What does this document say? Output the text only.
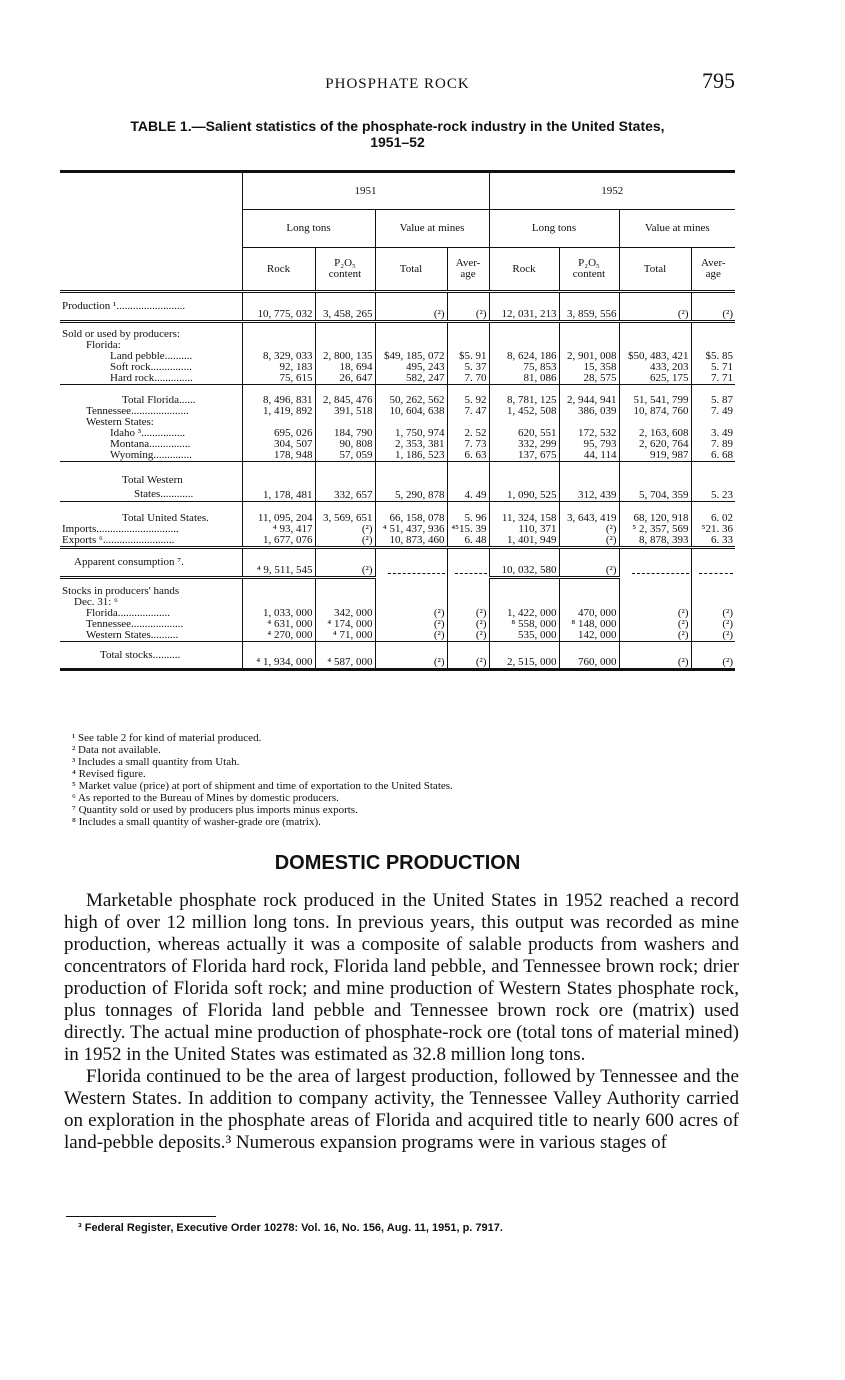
PHOSPHATE ROCK	795
TABLE 1.—Salient statistics of the phosphate-rock industry in the United States,
1951–52
	1951				1952			
	Long tons		Value at mines		Long tons		Value at mines	
	Rock	P₂O₅ content	Total	Aver- age	Rock	P₂O₅ content	Total	Aver- age
Production ¹.........................	10, 775, 032	3, 458, 265	(²)	(²)	12, 031, 213	3, 859, 556	(²)	(²)
Sold or used by producers:								
Florida:								
Land pebble..........	8, 329, 033	2, 800, 135	$49, 185, 072	$5. 91	8, 624, 186	2, 901, 008	$50, 483, 421	$5. 85
Soft rock...............	92, 183	18, 694	495, 243	5. 37	75, 853	15, 358	433, 203	5. 71
Hard rock..............	75, 615	26, 647	582, 247	7. 70	81, 086	28, 575	625, 175	7. 71
Total Florida......	8, 496, 831	2, 845, 476	50, 262, 562	5. 92	8, 781, 125	2, 944, 941	51, 541, 799	5. 87
Tennessee.....................	1, 419, 892	391, 518	10, 604, 638	7. 47	1, 452, 508	386, 039	10, 874, 760	7. 49
Western States:								
Idaho ³................	695, 026	184, 790	1, 750, 974	2. 52	620, 551	172, 532	2, 163, 608	3. 49
Montana...............	304, 507	90, 808	2, 353, 381	7. 73	332, 299	95, 793	2, 620, 764	7. 89
Wyoming..............	178, 948	57, 059	1, 186, 523	6. 63	137, 675	44, 114	919, 987	6. 68
Total Western
States............	1, 178, 481	332, 657	5, 290, 878	4. 49	1, 090, 525	312, 439	5, 704, 359	5. 23
Total United States.	11, 095, 204	3, 569, 651	66, 158, 078	5. 96	11, 324, 158	3, 643, 419	68, 120, 918	6. 02
Imports..............................	⁴ 93, 417	(²)	⁴ 51, 437, 936	⁴⁵15. 39	110, 371	(²)	⁵ 2, 357, 569	⁵21. 36
Exports ⁶..........................	1, 677, 076	(²)	10, 873, 460	6. 48	1, 401, 949	(²)	8, 878, 393	6. 33
Apparent consumption ⁷.	⁴ 9, 511, 545	(²)			10, 032, 580	(²)		
Stocks in producers' hands								
Dec. 31: ⁶								
Florida...................	1, 033, 000	342, 000	(²)	(²)	1, 422, 000	470, 000	(²)	(²)
Tennessee...................	⁴ 631, 000	⁴ 174, 000	(²)	(²)	⁸ 558, 000	⁸ 148, 000	(²)	(²)
Western States..........	⁴ 270, 000	⁴ 71, 000	(²)	(²)	535, 000	142, 000	(²)	(²)
Total stocks..........	⁴ 1, 934, 000	⁴ 587, 000	(²)	(²)	2, 515, 000	760, 000	(²)	(²)

¹ See table 2 for kind of material produced.
² Data not available.
³ Includes a small quantity from Utah.
⁴ Revised figure.
⁵ Market value (price) at port of shipment and time of exportation to the United States.
⁶ As reported to the Bureau of Mines by domestic producers.
⁷ Quantity sold or used by producers plus imports minus exports.
⁸ Includes a small quantity of washer-grade ore (matrix).
DOMESTIC PRODUCTION

Marketable phosphate rock produced in the United States in 1952 reached a record high of over 12 million long tons. In previous years, this output was recorded as mine production, whereas actually it was a composite of salable products from washers and concentrators of Florida hard rock, Florida land pebble, and Tennessee brown rock; drier production of Florida soft rock; and mine production of Western States phosphate rock, plus tonnages of Florida land pebble and Tennessee brown rock ore (matrix) used directly. The actual mine production of phosphate-rock ore (total tons of material mined) in 1952 in the United States was estimated as 32.8 million long tons.

Florida continued to be the area of largest production, followed by Tennessee and the Western States. In addition to company activity, the Tennessee Valley Authority carried on exploration in the phosphate areas of Florida and acquired title to nearly 600 acres of land-pebble deposits.³ Numerous expansion programs were in various stages of

³ Federal Register, Executive Order 10278: Vol. 16, No. 156, Aug. 11, 1951, p. 7917.
